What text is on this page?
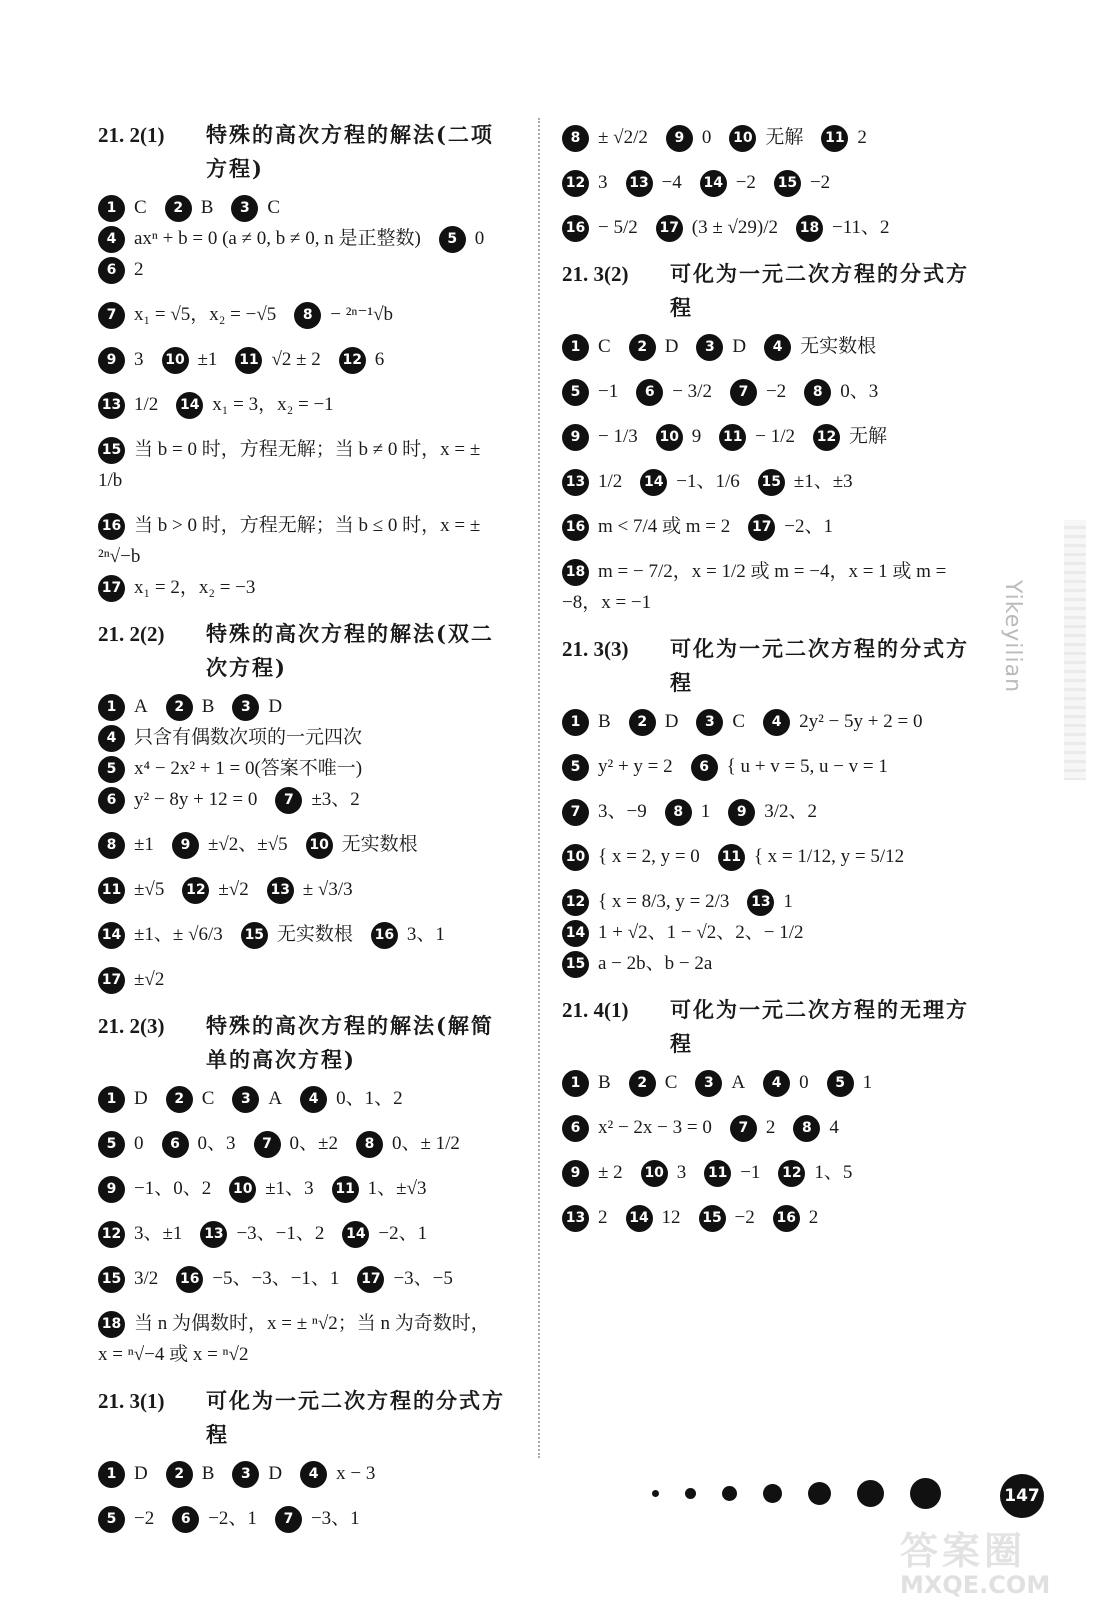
21. 2(1)	特殊的高次方程的解法(二项方程)
1 C 2 B 3 C4 axⁿ + b = 0 (a ≠ 0, b ≠ 0, n 是正整数) 5 06 2
7 x₁ = √5，x₂ = −√5 8 − ²ⁿ⁻¹√b
9 3 10 ±1 11 √2 ± 2 12 6
13 1/2 14 x₁ = 3，x₂ = −1
15 当 b = 0 时，方程无解；当 b ≠ 0 时，x = ± 1/b
16 当 b > 0 时，方程无解；当 b ≤ 0 时，x = ± ²ⁿ√−b17 x₁ = 2，x₂ = −3
21. 2(2)	特殊的高次方程的解法(双二次方程)
1 A 2 B 3 D4 只含有偶数次项的一元四次5 x⁴ − 2x² + 1 = 0(答案不唯一)6 y² − 8y + 12 = 0 7 ±3、2
8 ±1 9 ±√2、±√5 10 无实数根
11 ±√5 12 ±√2 13 ± √3/3
14 ±1、± √6/3 15 无实数根 16 3、1
17 ±√2
21. 2(3)	特殊的高次方程的解法(解简单的高次方程)
1 D 2 C 3 A 4 0、1、2
5 0 6 0、3 7 0、±2 8 0、± 1/2
9 −1、0、2 10 ±1、3 11 1、±√3
12 3、±1 13 −3、−1、2 14 −2、1
15 3/2 16 −5、−3、−1、1 17 −3、−5
18 当 n 为偶数时，x = ± ⁿ√2；当 n 为奇数时，x = ⁿ√−4 或 x = ⁿ√2
21. 3(1)	可化为一元二次方程的分式方程
1 D 2 B 3 D 4 x − 3
5 −2 6 −2、1 7 −3、1
8 ± √2/2 9 0 10 无解 11 2
12 3 13 −4 14 −2 15 −2
16 − 5/2 17 (3 ± √29)/2 18 −11、2
21. 3(2)	可化为一元二次方程的分式方程
1 C 2 D 3 D 4 无实数根
5 −1 6 − 3/2 7 −2 8 0、3
9 − 1/3 10 9 11 − 1/2 12 无解
13 1/2 14 −1、1/6 15 ±1、±3
16 m < 7/4 或 m = 2 17 −2、1
18 m = − 7/2，x = 1/2 或 m = −4，x = 1 或 m = −8，x = −1
21. 3(3)	可化为一元二次方程的分式方程
1 B 2 D 3 C 4 2y² − 5y + 2 = 0
5 y² + y = 2 6 { u + v = 5, u − v = 1
7 3、−9 8 1 9 3/2、2
10 { x = 2, y = 0 11 { x = 1/12, y = 5/12
12 { x = 8/3, y = 2/3 13 114 1 + √2、1 − √2、2、− 1/215 a − 2b、b − 2a
21. 4(1)	可化为一元二次方程的无理方程
1 B 2 C 3 A 4 0 5 1
6 x² − 2x − 3 = 0 7 2 8 4
9 ± 2 10 3 11 −1 12 1、5
13 2 14 12 15 −2 16 2
Yikeyilian
147
答案圈
MXQE.COM
